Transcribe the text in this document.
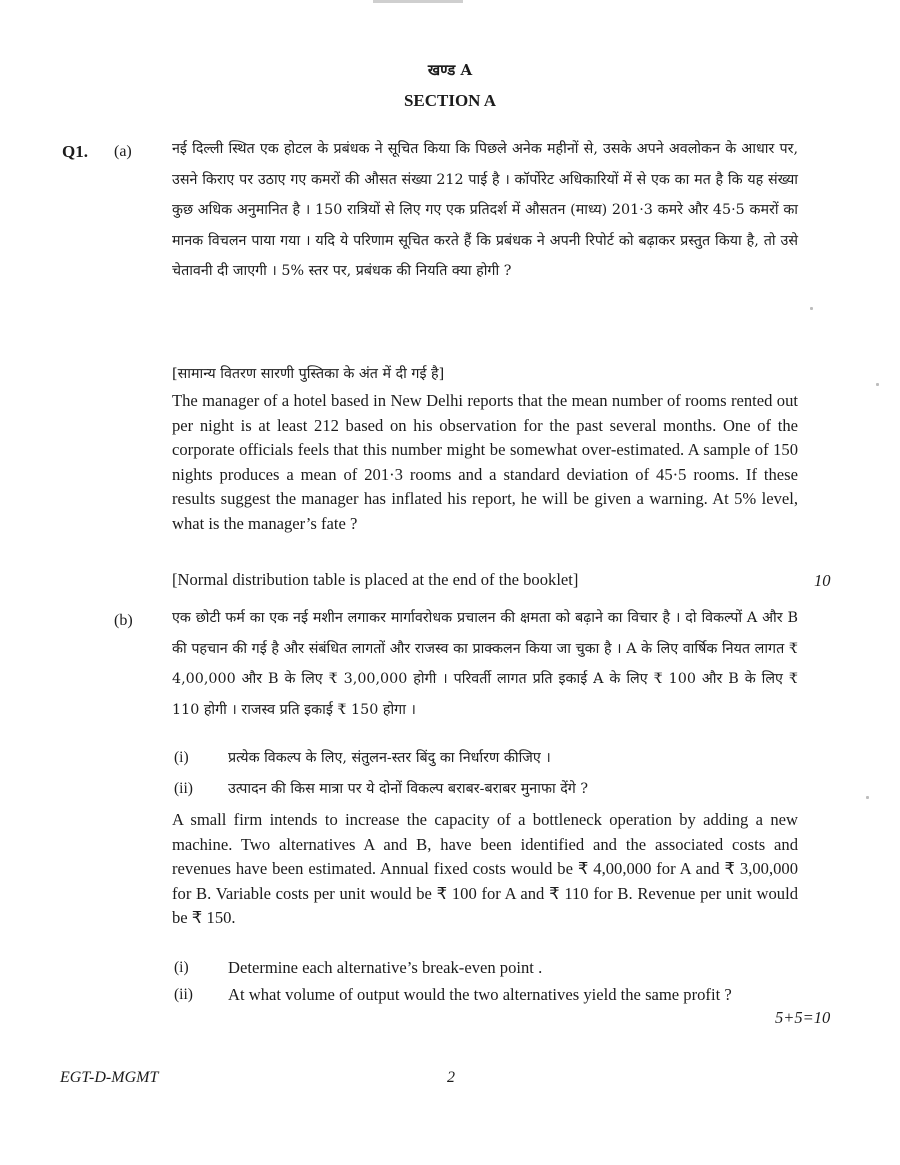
खण्ड A
SECTION A
Q1. (a)	नई दिल्ली स्थित एक होटल के प्रबंधक ने सूचित किया कि पिछले अनेक महीनों से, उसके अपने अवलोकन के आधार पर, उसने किराए पर उठाए गए कमरों की औसत संख्या 212 पाई है । कॉर्पोरेट अधिकारियों में से एक का मत है कि यह संख्या कुछ अधिक अनुमानित है । 150 रात्रियों से लिए गए एक प्रतिदर्श में औसतन (माध्य) 201·3 कमरे और 45·5 कमरों का मानक विचलन पाया गया । यदि ये परिणाम सूचित करते हैं कि प्रबंधक ने अपनी रिपोर्ट को बढ़ाकर प्रस्तुत किया है, तो उसे चेतावनी दी जाएगी । 5% स्तर पर, प्रबंधक की नियति क्या होगी ?
[सामान्य वितरण सारणी पुस्तिका के अंत में दी गई है]
The manager of a hotel based in New Delhi reports that the mean number of rooms rented out per night is at least 212 based on his observation for the past several months. One of the corporate officials feels that this number might be somewhat over-estimated. A sample of 150 nights produces a mean of 201·3 rooms and a standard deviation of 45·5 rooms. If these results suggest the manager has inflated his report, he will be given a warning. At 5% level, what is the manager’s fate ?
[Normal distribution table is placed at the end of the booklet]	10
(b)	एक छोटी फर्म का एक नई मशीन लगाकर मार्गावरोधक प्रचालन की क्षमता को बढ़ाने का विचार है । दो विकल्पों A और B की पहचान की गई है और संबंधित लागतों और राजस्व का प्राक्कलन किया जा चुका है । A के लिए वार्षिक नियत लागत ₹ 4,00,000 और B के लिए ₹ 3,00,000 होगी । परिवर्ती लागत प्रति इकाई A के लिए ₹ 100 और B के लिए ₹ 110 होगी । राजस्व प्रति इकाई ₹ 150 होगा ।
(i)	प्रत्येक विकल्प के लिए, संतुलन-स्तर बिंदु का निर्धारण कीजिए ।
(ii) उत्पादन की किस मात्रा पर ये दोनों विकल्प बराबर-बराबर मुनाफा देंगे ?
A small firm intends to increase the capacity of a bottleneck operation by adding a new machine. Two alternatives A and B, have been identified and the associated costs and revenues have been estimated. Annual fixed costs would be ₹ 4,00,000 for A and ₹ 3,00,000 for B. Variable costs per unit would be ₹ 100 for A and ₹ 110 for B. Revenue per unit would be ₹ 150.
(i) Determine each alternative’s break-even point .
(ii) At what volume of output would the two alternatives yield the same profit ?
5+5=10
EGT-D-MGMT	2
